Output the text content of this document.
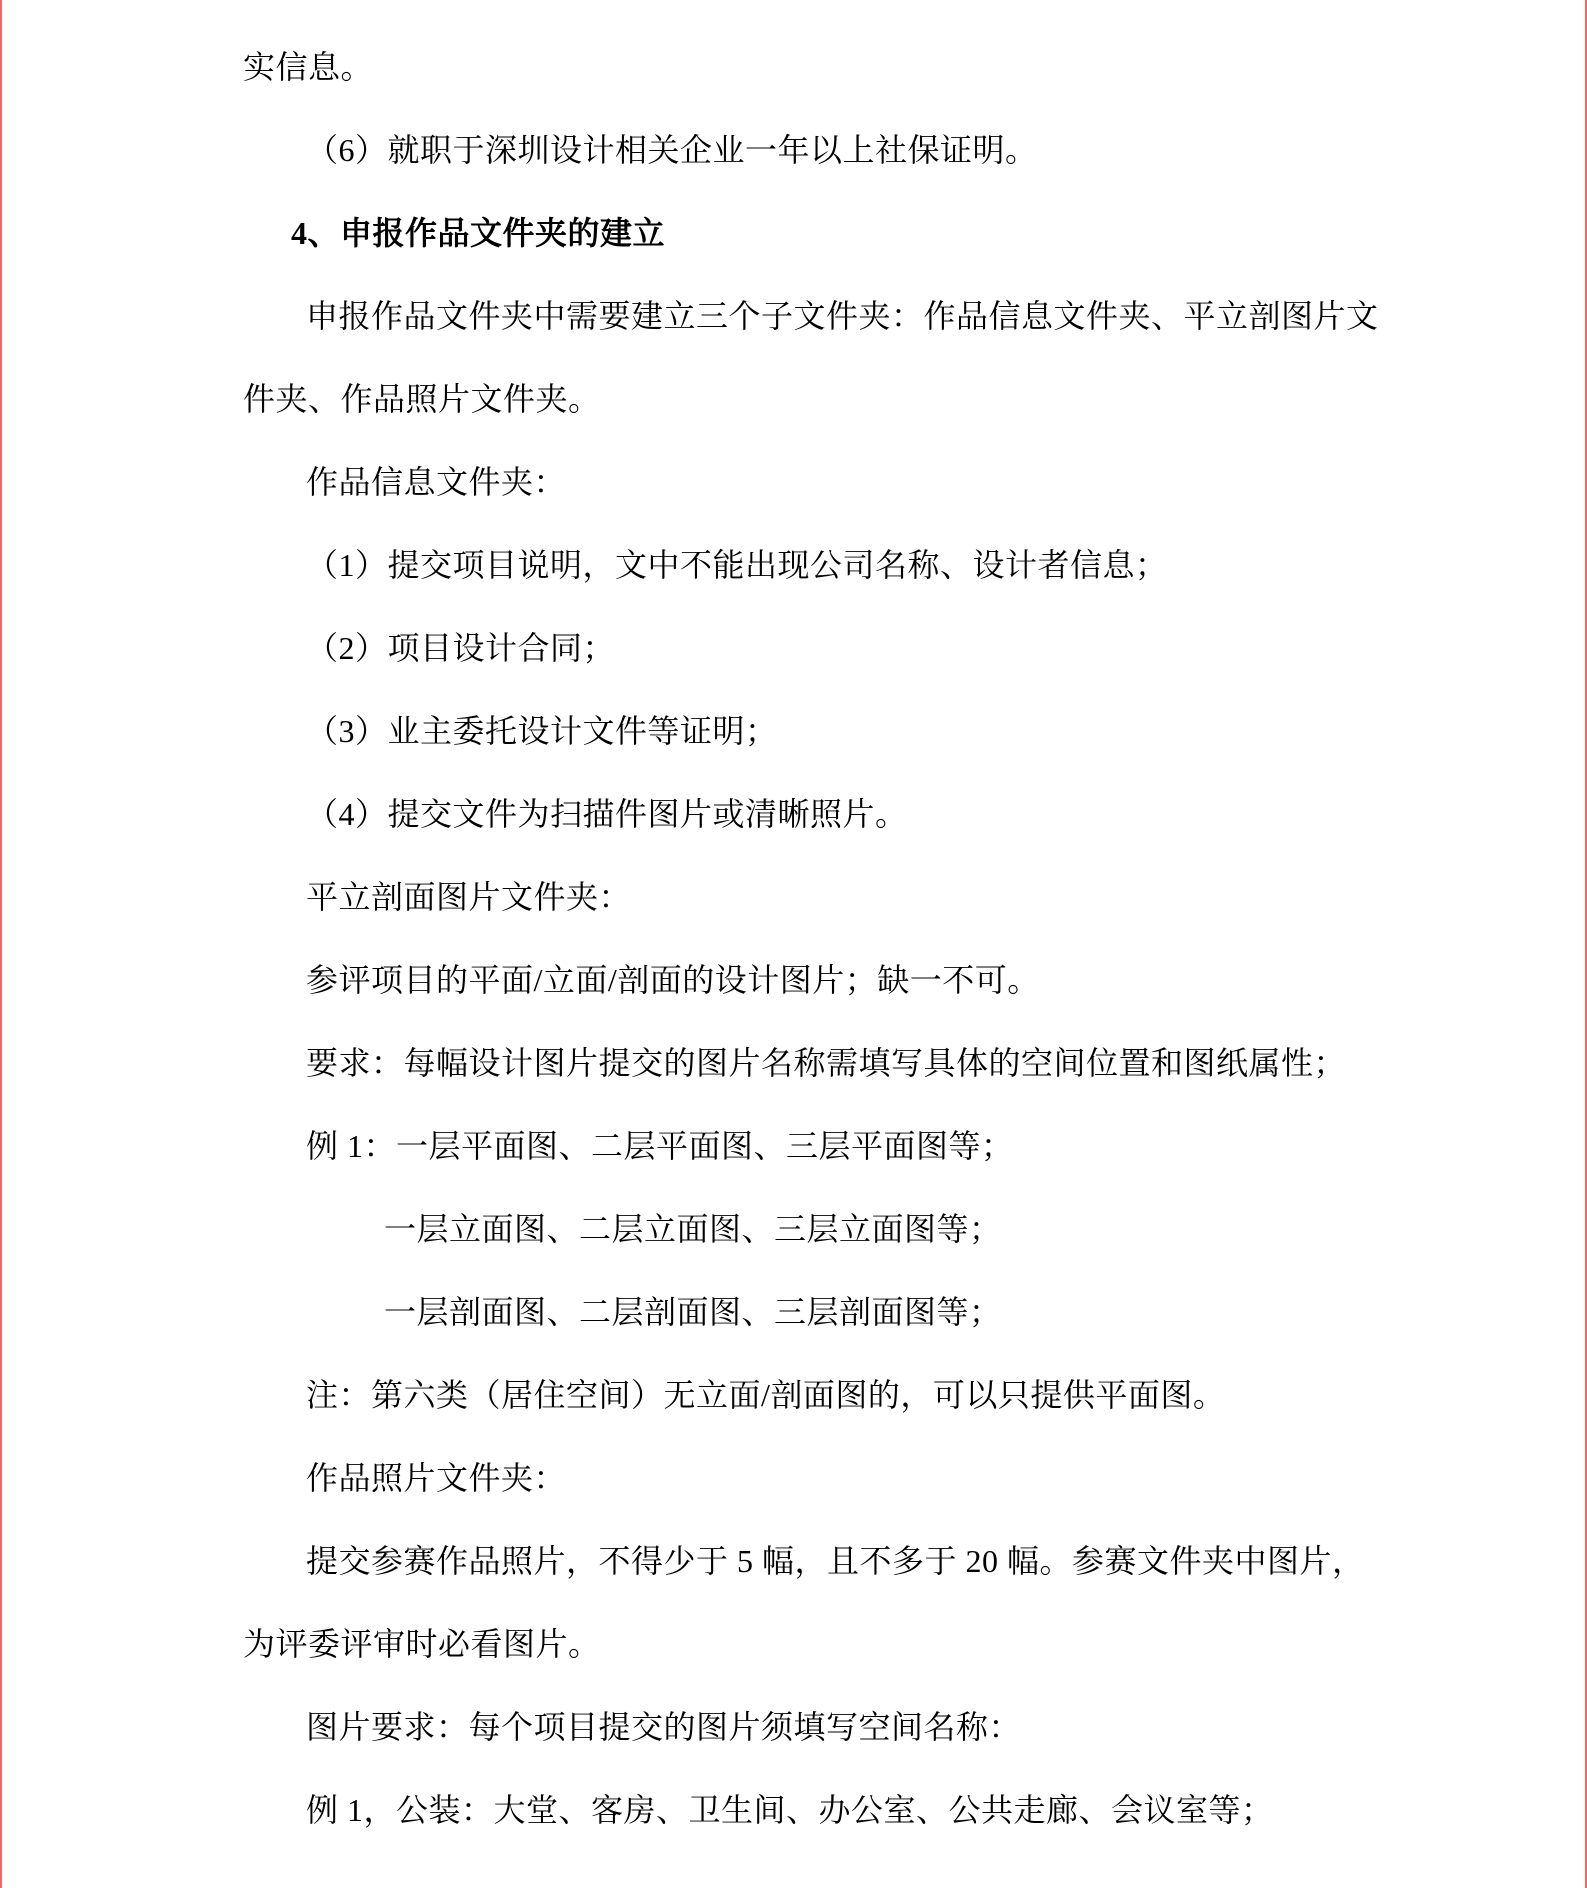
实信息。
（6）就职于深圳设计相关企业一年以上社保证明。
4、申报作品文件夹的建立
申报作品文件夹中需要建立三个子文件夹：作品信息文件夹、平立剖图片文
件夹、作品照片文件夹。
作品信息文件夹：
（1）提交项目说明，文中不能出现公司名称、设计者信息；
（2）项目设计合同；
（3）业主委托设计文件等证明；
（4）提交文件为扫描件图片或清晰照片。
平立剖面图片文件夹：
参评项目的平面/立面/剖面的设计图片；缺一不可。
要求：每幅设计图片提交的图片名称需填写具体的空间位置和图纸属性；
例 1：一层平面图、二层平面图、三层平面图等；
一层立面图、二层立面图、三层立面图等；
一层剖面图、二层剖面图、三层剖面图等；
注：第六类（居住空间）无立面/剖面图的，可以只提供平面图。
作品照片文件夹：
提交参赛作品照片，不得少于 5 幅，且不多于 20 幅。参赛文件夹中图片，
为评委评审时必看图片。
图片要求：每个项目提交的图片须填写空间名称：
例 1，公装：大堂、客房、卫生间、办公室、公共走廊、会议室等；
